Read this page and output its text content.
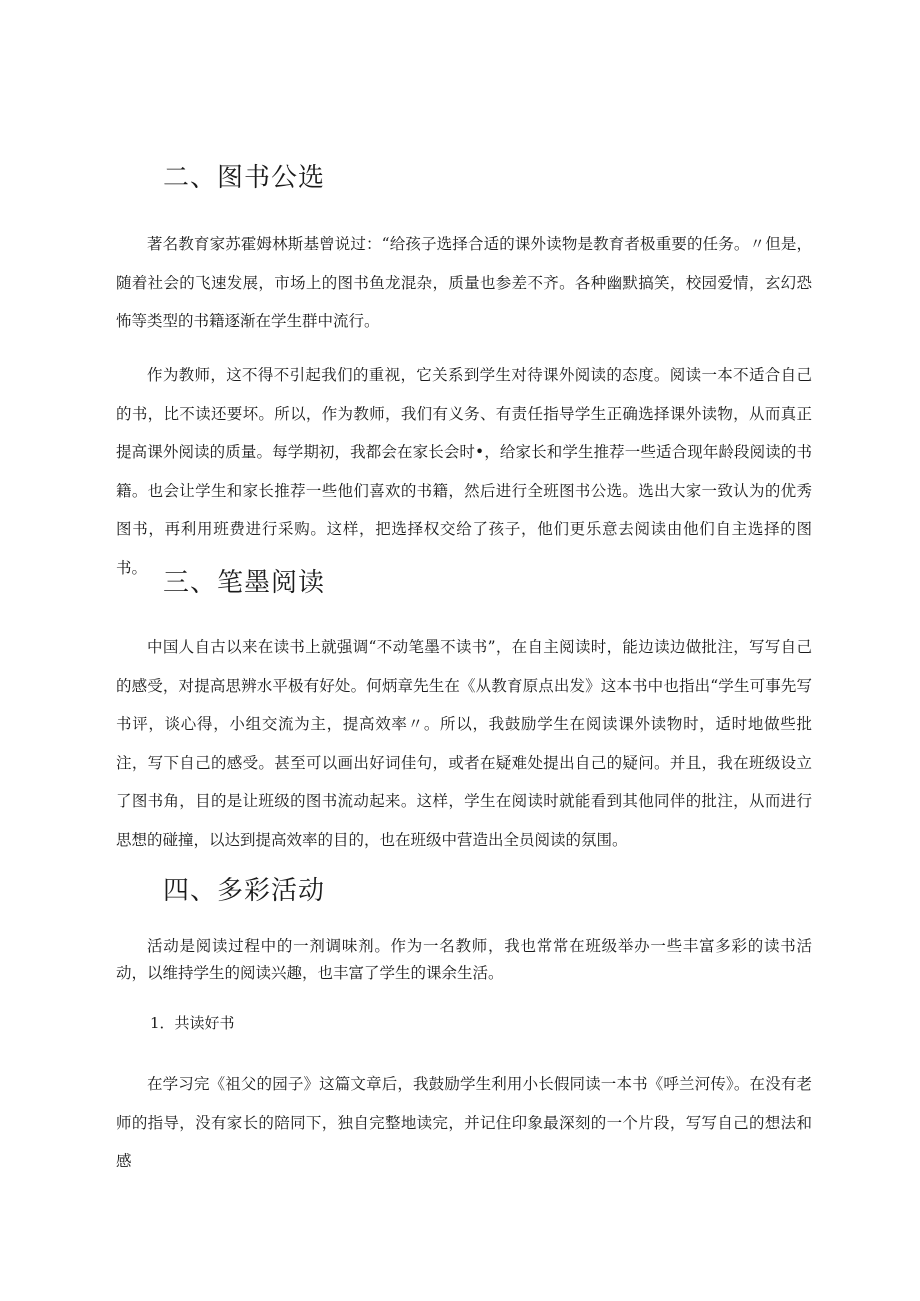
二、图书公选

著名教育家苏霍姆林斯基曾说过：“给孩子选择合适的课外读物是教育者极重要的任务。〃但是，随着社会的飞速发展，市场上的图书鱼龙混杂，质量也参差不齐。各种幽默搞笑，校园爱情，玄幻恐怖等类型的书籍逐渐在学生群中流行。

作为教师，这不得不引起我们的重视，它关系到学生对待课外阅读的态度。阅读一本不适合自己的书，比不读还要坏。所以，作为教师，我们有义务、有责任指导学生正确选择课外读物，从而真正提高课外阅读的质量。每学期初，我都会在家长会时•，给家长和学生推荐一些适合现年龄段阅读的书籍。也会让学生和家长推荐一些他们喜欢的书籍，然后进行全班图书公选。选出大家一致认为的优秀图书，再利用班费进行采购。这样，把选择权交给了孩子，他们更乐意去阅读由他们自主选择的图书。

三、笔墨阅读

中国人自古以来在读书上就强调“不动笔墨不读书”，在自主阅读时，能边读边做批注，写写自己的感受，对提高思辨水平极有好处。何炳章先生在《从教育原点出发》这本书中也指出“学生可事先写书评，谈心得，小组交流为主，提高效率〃。所以，我鼓励学生在阅读课外读物时，适时地做些批注，写下自己的感受。甚至可以画出好词佳句，或者在疑难处提出自己的疑问。并且，我在班级设立了图书角，目的是让班级的图书流动起来。这样，学生在阅读时就能看到其他同伴的批注，从而进行思想的碰撞，以达到提高效率的目的，也在班级中营造出全员阅读的氛围。

四、多彩活动

活动是阅读过程中的一剂调味剂。作为一名教师，我也常常在班级举办一些丰富多彩的读书活动，以维持学生的阅读兴趣，也丰富了学生的课余生活。

1．共读好书

在学习完《祖父的园子》这篇文章后，我鼓励学生利用小长假同读一本书《呼兰河传》。在没有老师的指导，没有家长的陪同下，独自完整地读完，并记住印象最深刻的一个片段，写写自己的想法和感
